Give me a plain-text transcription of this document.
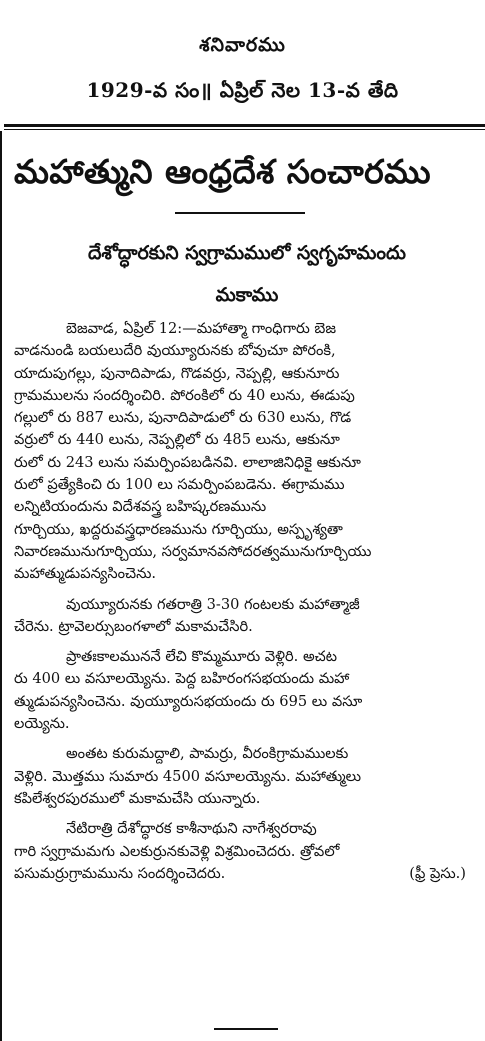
శనివారము
1929-వ సం॥ ఏప్రిల్ నెల 13-వ తేది
మహాత్ముని ఆంధ్రదేశ సంచారము
దేశోద్ధారకుని స్వగ్రామములో స్వగృహమందు
మకాము
బెజవాడ, ఏప్రిల్ 12:—మహాత్మా గాంధిగారు బెజ
వాడనుండి బయలుదేరి వుయ్యూరునకు బోవుచూ పోరంకి,
యాదుపుగల్లు, పునాదిపాడు, గొడవర్రు, నెప్పల్లి, ఆకునూరు
గ్రామములను సందర్శించిరి. పోరంకిలో రు 40 లును, ఈడుపు
గల్లులో రు 887 లును, పునాదిపాడులో రు 630 లును, గొడ
వర్రులో రు 440 లును, నెప్పల్లిలో రు 485 లును, ఆకునూ
రులో రు 243 లును సమర్పింపబడినవి. లాలాజినిధికై ఆకునూ
రులో ప్రత్యేకించి రు 100 లు సమర్పింపబడెను. ఈగ్రామము
లన్నిటియందును విదేశవస్త్ర బహిష్కరణమును
గూర్చియు, ఖద్దరువస్త్రధారణమును గూర్చియు, అస్పృశ్యతా
నివారణమునుగూర్చియు, సర్వమానవసోదరత్వమునుగూర్చియు
మహాత్ముడుపన్యసించెను.
వుయ్యూరునకు గతరాత్రి 3-30 గంటలకు మహాత్మాజీ
చేరెను. ట్రావెలర్సుబంగళాలో మకామచేసిరి.
ప్రాతఃకాలముననే లేచి కొమ్మమూరు వెళ్లిరి. అచట
రు 400 లు వసూలయ్యెను. పెద్ద బహిరంగసభయందు మహా
త్ముడుపన్యసించెను. వుయ్యూరుసభయందు రు 695 లు వసూ
లయ్యెను.
అంతట కురుమద్దాలి, పామర్రు, వీరంకిగ్రామములకు
వెళ్లిరి. మొత్తము సుమారు 4500 వసూలయ్యెను. మహాత్ములు
కపిలేశ్వరపురములో మకామచేసి యున్నారు.
నేటిరాత్రి దేశోద్ధారక కాశీనాథుని నాగేశ్వరరావు
గారి స్వగ్రామమగు ఎలకుర్రునకువెళ్లి విశ్రమించెదరు. త్రోవలో
పసుమర్రుగ్రామమును సందర్శించెదరు.	(ఫ్రీ ప్రెసు.)
